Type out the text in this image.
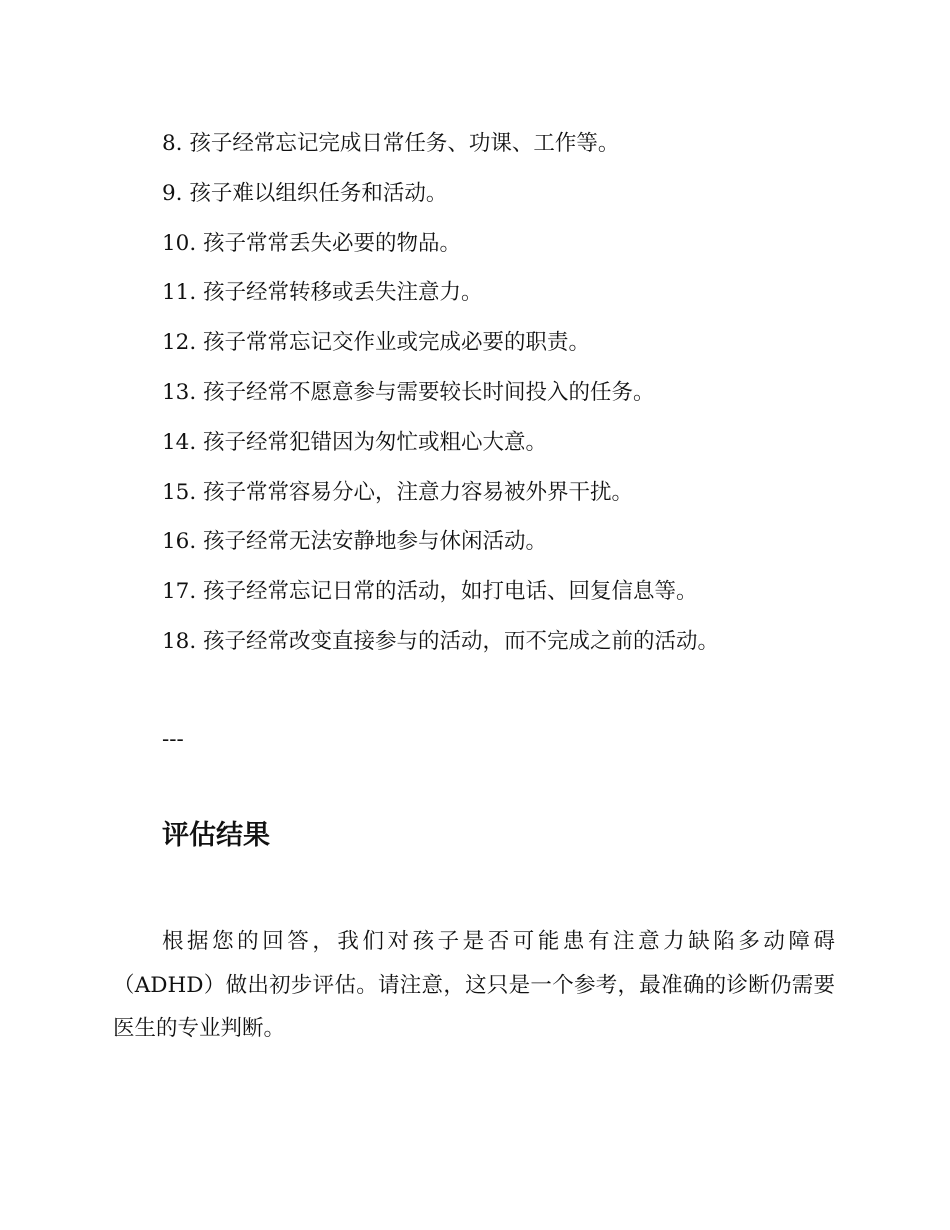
8. 孩子经常忘记完成日常任务、功课、工作等。
9. 孩子难以组织任务和活动。
10. 孩子常常丢失必要的物品。
11. 孩子经常转移或丢失注意力。
12. 孩子常常忘记交作业或完成必要的职责。
13. 孩子经常不愿意参与需要较长时间投入的任务。
14. 孩子经常犯错因为匆忙或粗心大意。
15. 孩子常常容易分心，注意力容易被外界干扰。
16. 孩子经常无法安静地参与休闲活动。
17. 孩子经常忘记日常的活动，如打电话、回复信息等。
18. 孩子经常改变直接参与的活动，而不完成之前的活动。
---
评估结果

根据您的回答，我们对孩子是否可能患有注意力缺陷多动障碍（ADHD）做出初步评估。请注意，这只是一个参考，最准确的诊断仍需要医生的专业判断。
